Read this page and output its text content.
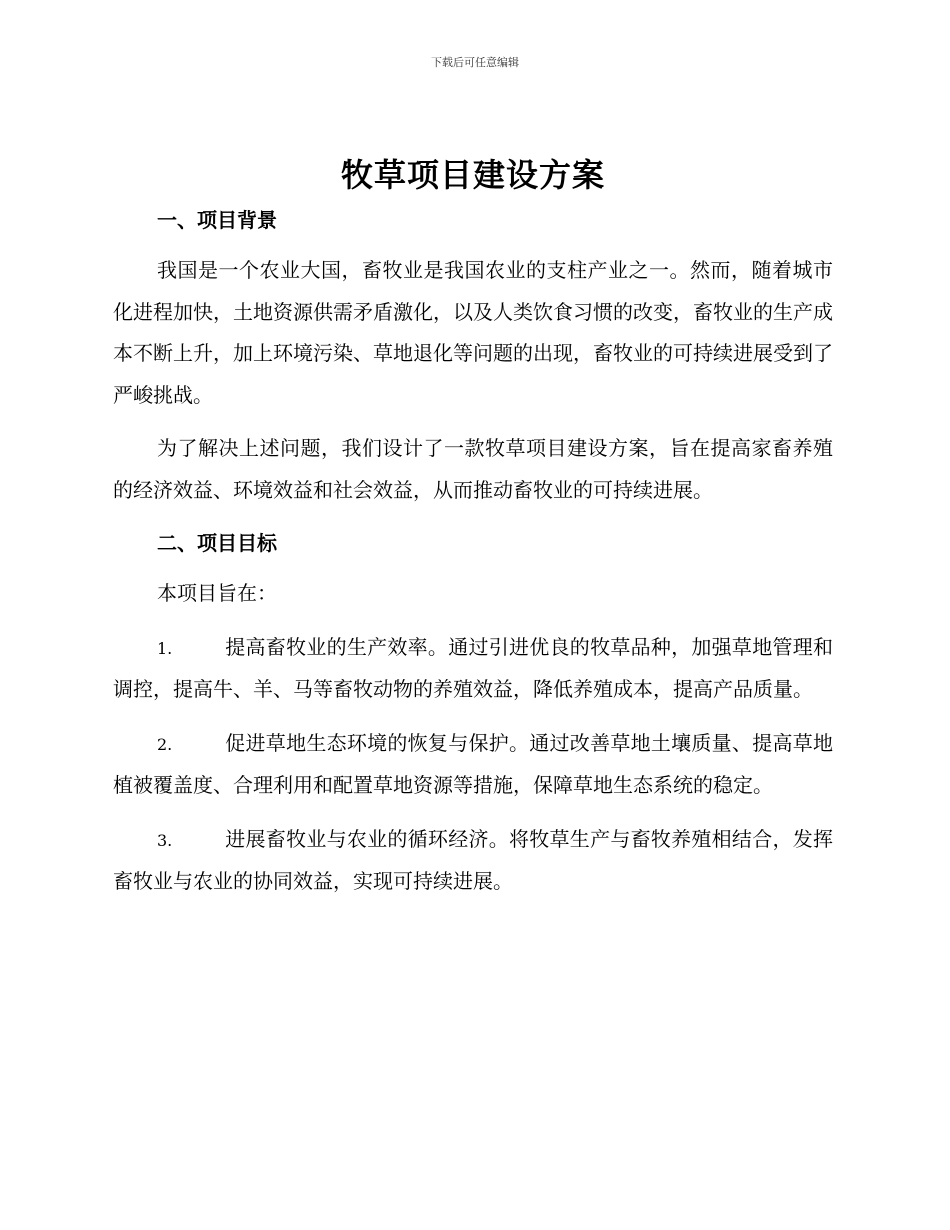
下载后可任意编辑
牧草项目建设方案
一、项目背景

我国是一个农业大国，畜牧业是我国农业的支柱产业之一。然而，随着城市化进程加快，土地资源供需矛盾激化，以及人类饮食习惯的改变，畜牧业的生产成本不断上升，加上环境污染、草地退化等问题的出现，畜牧业的可持续进展受到了严峻挑战。

为了解决上述问题，我们设计了一款牧草项目建设方案，旨在提高家畜养殖的经济效益、环境效益和社会效益，从而推动畜牧业的可持续进展。

二、项目目标

本项目旨在：

1.	提高畜牧业的生产效率。通过引进优良的牧草品种，加强草地管理和调控，提高牛、羊、马等畜牧动物的养殖效益，降低养殖成本，提高产品质量。

2.	促进草地生态环境的恢复与保护。通过改善草地土壤质量、提高草地植被覆盖度、合理利用和配置草地资源等措施，保障草地生态系统的稳定。

3.	进展畜牧业与农业的循环经济。将牧草生产与畜牧养殖相结合，发挥畜牧业与农业的协同效益，实现可持续进展。
